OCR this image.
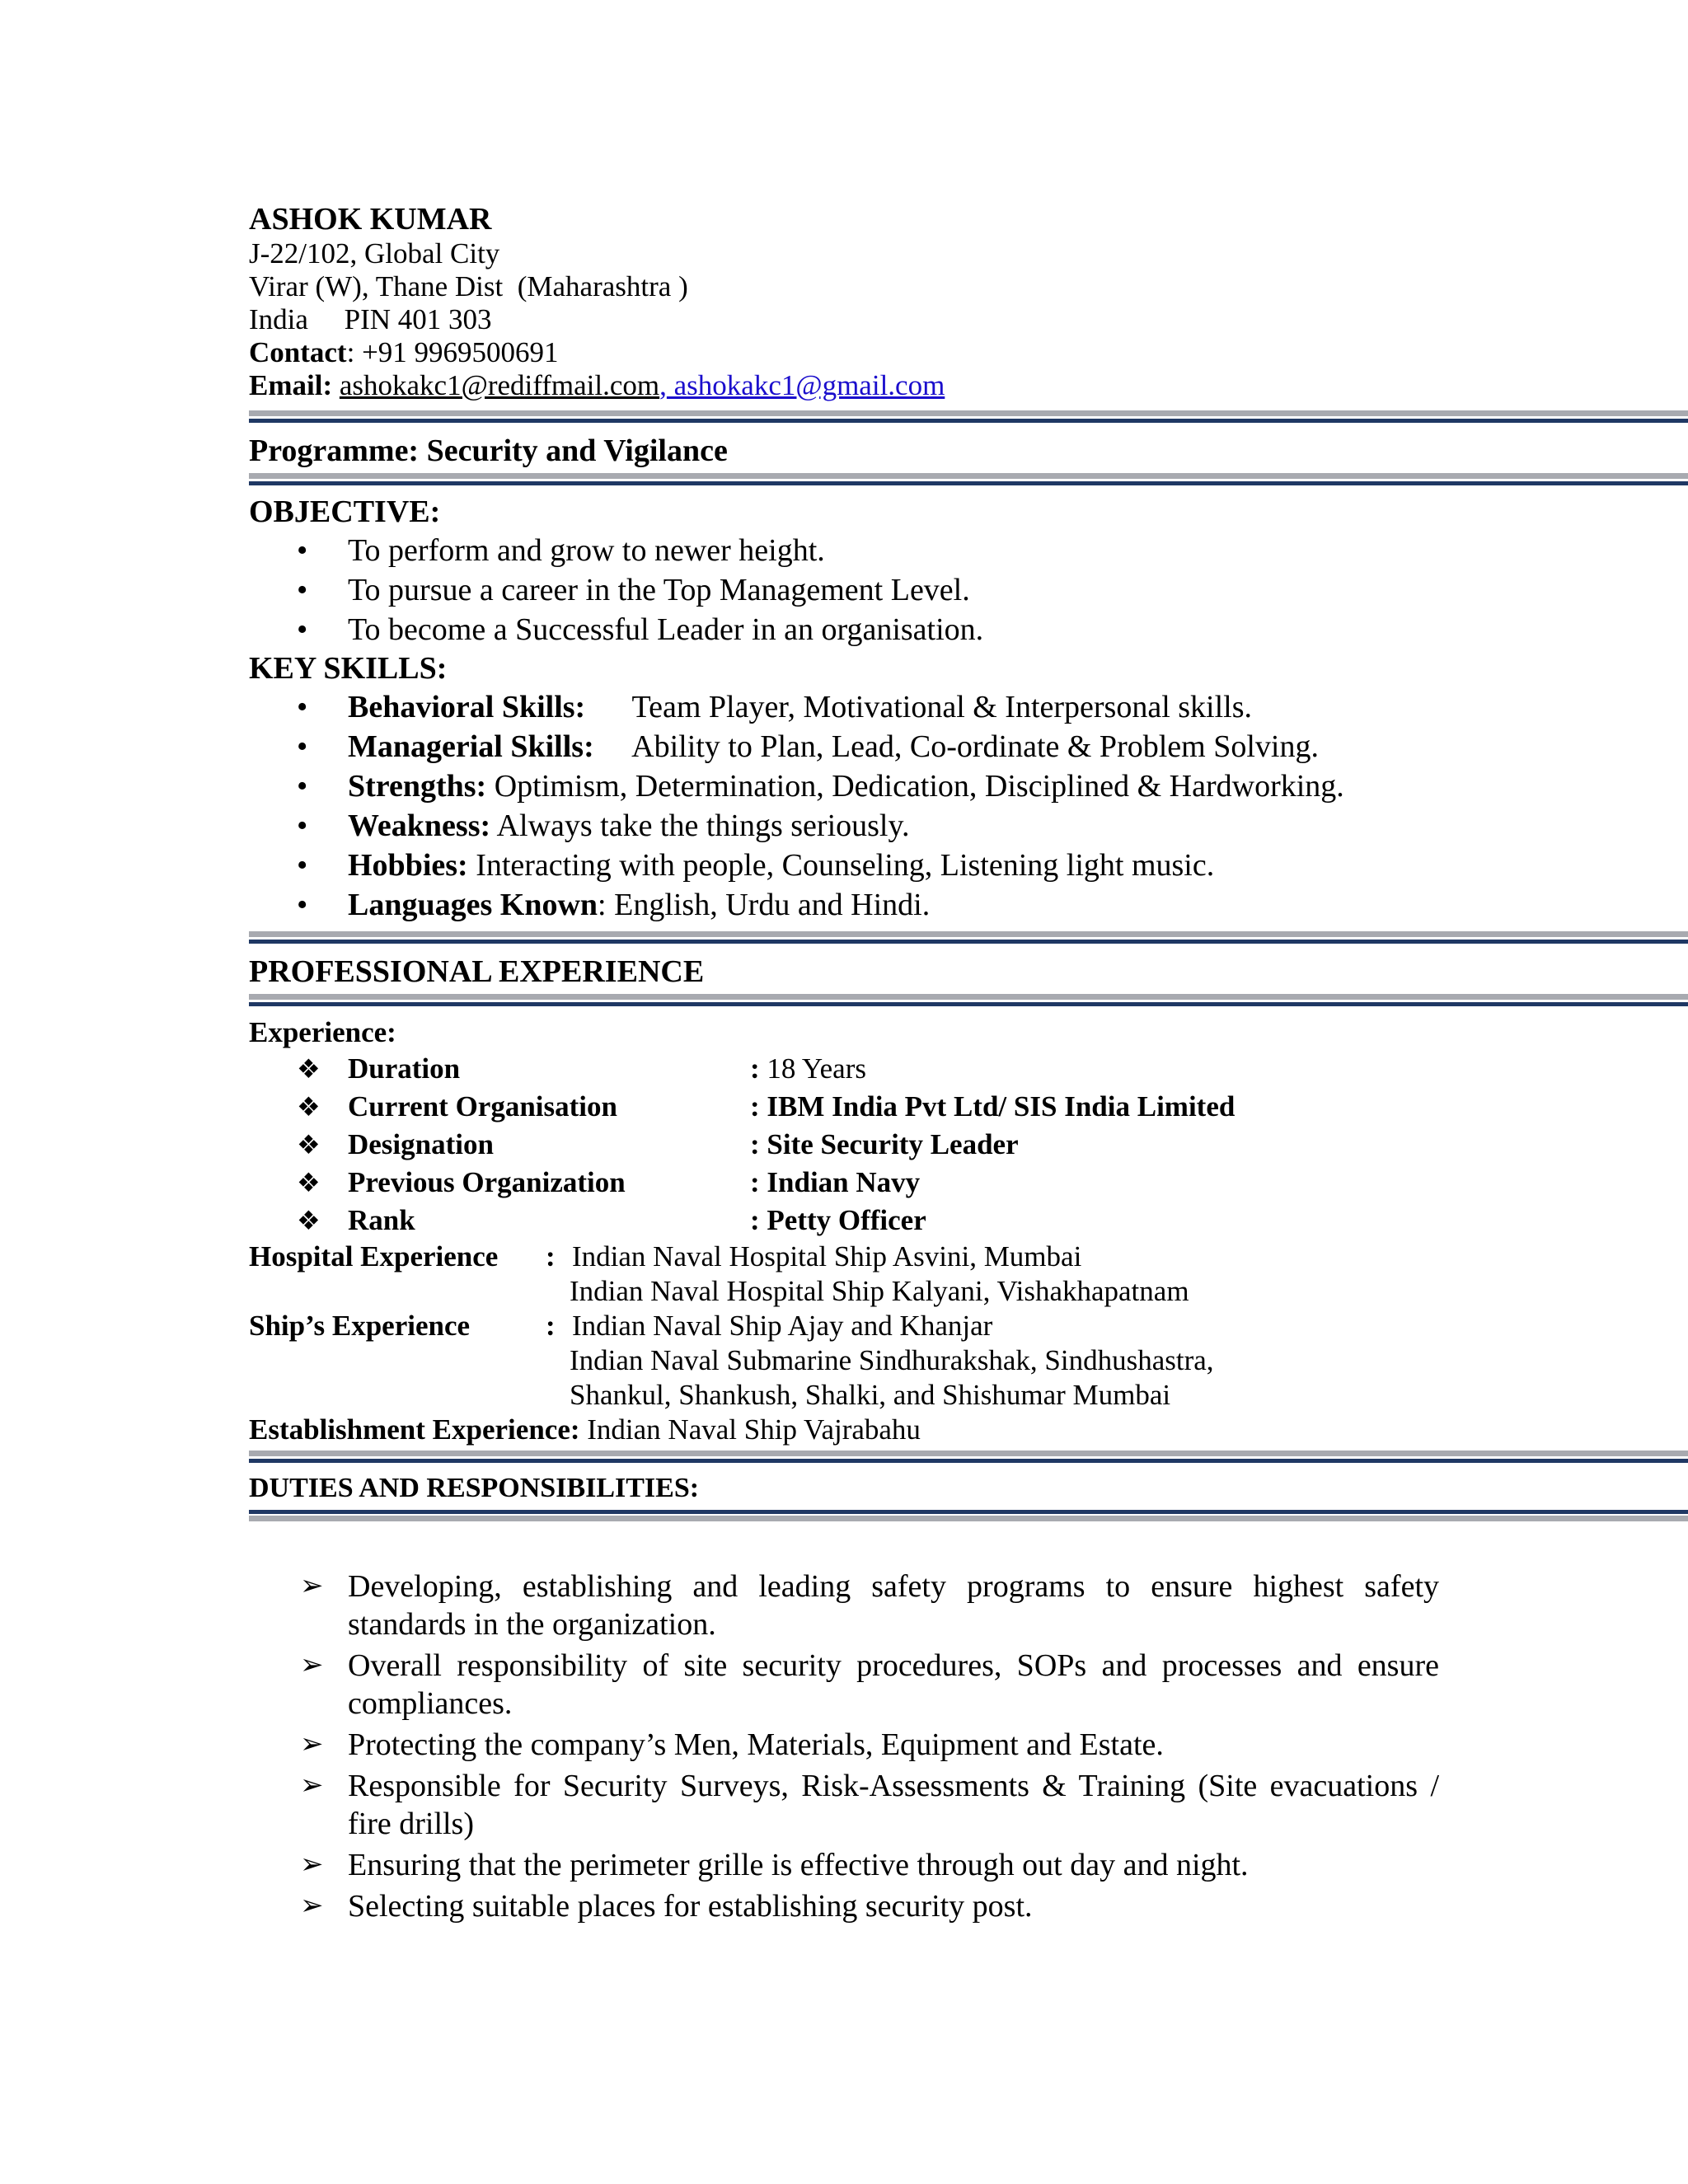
ASHOK KUMAR
J-22/102, Global City
Virar (W), Thane Dist  (Maharashtra )
India     PIN 401 303
Contact: +91 9969500691
Email: ashokakc1@rediffmail.com, ashokakc1@gmail.com
Programme: Security and Vigilance
OBJECTIVE:
• To perform and grow to newer height.
• To pursue a career in the Top Management Level.
• To become a Successful Leader in an organisation.
KEY SKILLS:
• Behavioral Skills:      Team Player, Motivational & Interpersonal skills.
• Managerial Skills:     Ability to Plan, Lead, Co-ordinate & Problem Solving.
• Strengths: Optimism, Determination, Dedication, Disciplined & Hardworking.
• Weakness: Always take the things seriously.
• Hobbies: Interacting with people, Counseling, Listening light music.
• Languages Known: English, Urdu and Hindi.
PROFESSIONAL EXPERIENCE
Experience:
❖ Duration	: 18 Years
❖ Current Organisation	: IBM India Pvt Ltd/ SIS India Limited
❖ Designation	: Site Security Leader
❖ Previous Organization	: Indian Navy
❖ Rank	: Petty Officer
Hospital Experience : Indian Naval Hospital Ship Asvini, Mumbai
Indian Naval Hospital Ship Kalyani, Vishakhapatnam
Ship’s Experience	: Indian Naval Ship Ajay and Khanjar
Indian Naval Submarine Sindhurakshak, Sindhushastra,
Shankul, Shankush, Shalki, and Shishumar Mumbai
Establishment Experience: Indian Naval Ship Vajrabahu
DUTIES AND RESPONSIBILITIES:
➢ Developing, establishing and leading safety programs to ensure highest safety standards in the organization.
➢ Overall responsibility of site security procedures, SOPs and processes and ensure compliances.
➢ Protecting the company’s Men, Materials, Equipment and Estate.
➢ Responsible for Security Surveys, Risk-Assessments & Training (Site evacuations / fire drills)
➢ Ensuring that the perimeter grille is effective through out day and night.
➢ Selecting suitable places for establishing security post.
